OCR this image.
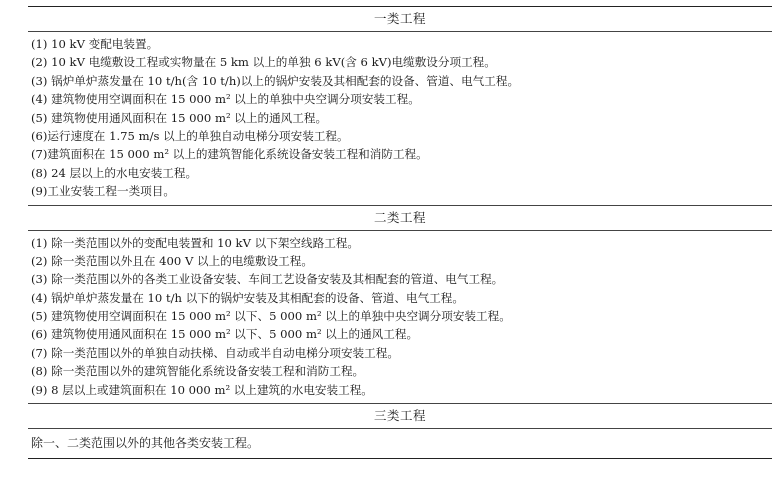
一类工程
(1) 10 kV 变配电装置。
(2) 10 kV 电缆敷设工程或实物量在 5 km 以上的单独 6 kV(含 6 kV)电缆敷设分项工程。
(3) 锅炉单炉蒸发量在 10 t/h(含 10 t/h)以上的锅炉安装及其相配套的设备、管道、电气工程。
(4) 建筑物使用空调面积在 15 000 m² 以上的单独中央空调分项安装工程。
(5) 建筑物使用通风面积在 15 000 m² 以上的通风工程。
(6)运行速度在 1.75 m/s 以上的单独自动电梯分项安装工程。
(7)建筑面积在 15 000 m² 以上的建筑智能化系统设备安装工程和消防工程。
(8) 24 层以上的水电安装工程。
(9)工业安装工程一类项目。
二类工程
(1) 除一类范围以外的变配电装置和 10 kV 以下架空线路工程。
(2) 除一类范围以外且在 400 V 以上的电缆敷设工程。
(3) 除一类范围以外的各类工业设备安装、车间工艺设备安装及其相配套的管道、电气工程。
(4) 锅炉单炉蒸发量在 10 t/h 以下的锅炉安装及其相配套的设备、管道、电气工程。
(5) 建筑物使用空调面积在 15 000 m² 以下、5 000 m² 以上的单独中央空调分项安装工程。
(6) 建筑物使用通风面积在 15 000 m² 以下、5 000 m² 以上的通风工程。
(7) 除一类范围以外的单独自动扶梯、自动或半自动电梯分项安装工程。
(8) 除一类范围以外的建筑智能化系统设备安装工程和消防工程。
(9) 8 层以上或建筑面积在 10 000 m² 以上建筑的水电安装工程。
三类工程
除一、二类范围以外的其他各类安装工程。
